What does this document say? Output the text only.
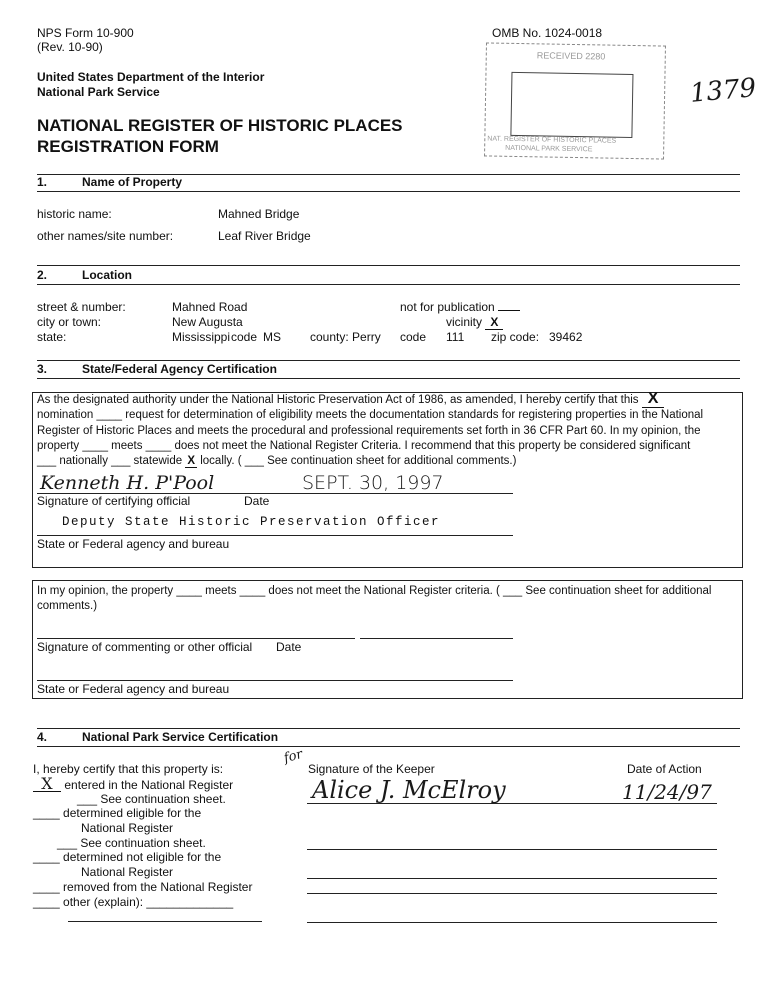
NPS Form 10-900
(Rev. 10-90)
OMB No. 1024-0018
United States Department of the Interior
National Park Service
NATIONAL REGISTER OF HISTORIC PLACES
REGISTRATION FORM
RECEIVED 2280
NAT. REGISTER OF HISTORIC PLACES
NATIONAL PARK SERVICE
1379
1.	Name of Property
historic name:	Mahned Bridge
other names/site number:	Leaf River Bridge
2.	Location
street & number:	Mahned Road	not for publication
city or town:	New Augusta	vicinity X
state:	Mississippi code MS county: Perry code 111 zip code: 39462
3.	State/Federal Agency Certification
As the designated authority under the National Historic Preservation Act of 1986, as amended, I hereby certify that this X
nomination ____ request for determination of eligibility meets the documentation standards for registering properties in the National
Register of Historic Places and meets the procedural and professional requirements set forth in 36 CFR Part 60. In my opinion, the
property ____ meets ____ does not meet the National Register Criteria. I recommend that this property be considered significant
___ nationally ___ statewide X locally. ( ___ See continuation sheet for additional comments.)
Kenneth H. P'Pool	SEPT. 30, 1997
Signature of certifying official	Date
Deputy State Historic Preservation Officer
State or Federal agency and bureau
In my opinion, the property ____ meets ____ does not meet the National Register criteria. ( ___ See continuation sheet for additional
comments.)
Signature of commenting or other official Date
State or Federal agency and bureau
4.	National Park Service Certification
I, hereby certify that this property is:
X entered in the National Register
___ See continuation sheet.
____ determined eligible for the
National Register
___ See continuation sheet.
____ determined not eligible for the
National Register
____ removed from the National Register
____ other (explain): _____________
for
Signature of the Keeper	Date of Action
Alice J. McElroy	11/24/97
